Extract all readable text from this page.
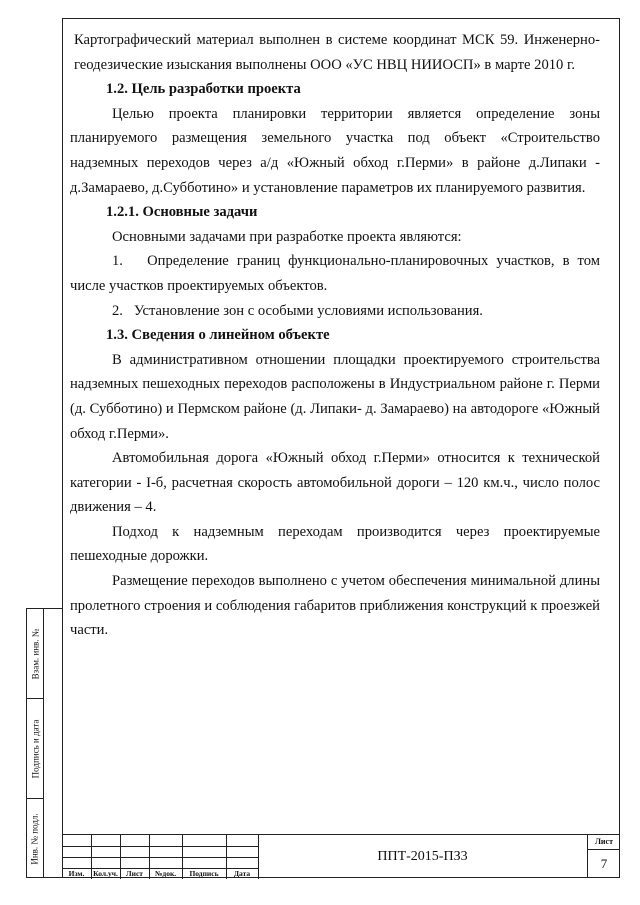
Картографический материал выполнен в системе координат МСК 59. Инженерно-геодезические изыскания выполнены ООО «УС НВЦ НИИОСП» в марте 2010 г.

1.2. Цель разработки проекта

Целью проекта планировки территории является определение зоны планируемого размещения земельного участка под объект «Строительство надземных переходов через а/д «Южный обход г.Перми» в районе д.Липаки - д.Замараево, д.Субботино» и установление параметров их планируемого развития.

1.2.1. Основные задачи

Основными задачами при разработке проекта являются:

1.   Определение границ функционально-планировочных участков, в том числе участков проектируемых объектов.

2.   Установление зон с особыми условиями использования.

1.3. Сведения о линейном объекте

В административном отношении площадки проектируемого строительства надземных пешеходных переходов расположены в Индустриальном районе г. Перми (д. Субботино) и Пермском районе (д. Липаки- д. Замараево) на автодороге «Южный обход г.Перми».

Автомобильная дорога «Южный обход г.Перми» относится к технической категории - I-б, расчетная скорость автомобильной дороги – 120 км.ч., число полос движения – 4.

Подход к надземным переходам производится через проектируемые пешеходные дорожки.

Размещение переходов выполнено с учетом обеспечения минимальной длины пролетного строения и соблюдения габаритов приближения конструкций к проезжей части.

Взам. инв. №
Подпись и дата
Инв. № подл.
Изм.	Кол.уч.	Лист	№док.	Подпись	Дата
ППТ-2015-ПЗ3
Лист
7
